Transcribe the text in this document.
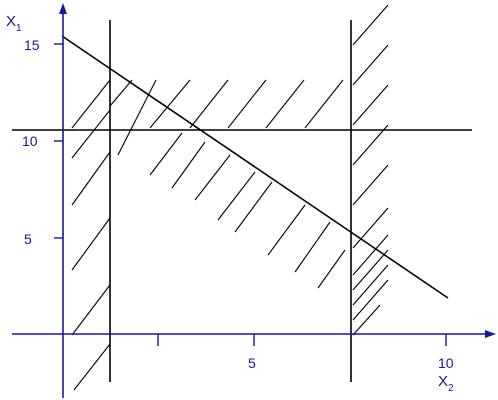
5	10
5
10
15
$X_1$
$X_2$
